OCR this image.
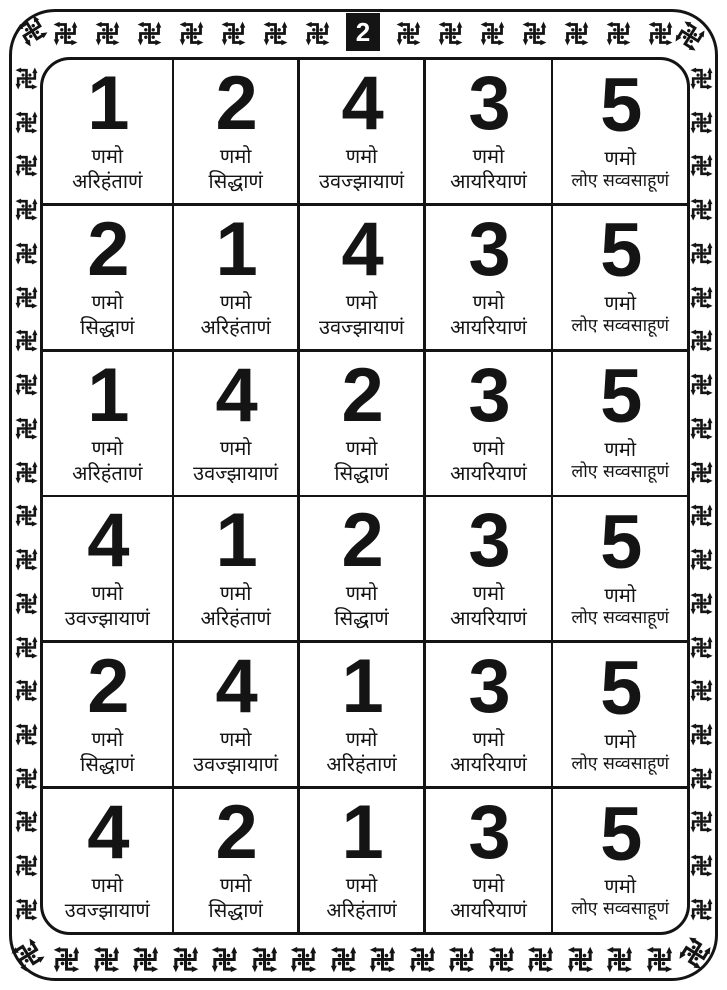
2
1
णमो
अरिहंताणं
2
णमो
सिद्धाणं
4
णमो
उवज्झायाणं
3
णमो
आयरियाणं
5
णमो
लोए सव्वसाहूणं
2
णमो
सिद्धाणं
1
णमो
अरिहंताणं
4
णमो
उवज्झायाणं
3
णमो
आयरियाणं
5
णमो
लोए सव्वसाहूणं
1
णमो
अरिहंताणं
4
णमो
उवज्झायाणं
2
णमो
सिद्धाणं
3
णमो
आयरियाणं
5
णमो
लोए सव्वसाहूणं
4
णमो
उवज्झायाणं
1
णमो
अरिहंताणं
2
णमो
सिद्धाणं
3
णमो
आयरियाणं
5
णमो
लोए सव्वसाहूणं
2
णमो
सिद्धाणं
4
णमो
उवज्झायाणं
1
णमो
अरिहंताणं
3
णमो
आयरियाणं
5
णमो
लोए सव्वसाहूणं
4
णमो
उवज्झायाणं
2
णमो
सिद्धाणं
1
णमो
अरिहंताणं
3
णमो
आयरियाणं
5
णमो
लोए सव्वसाहूणं
